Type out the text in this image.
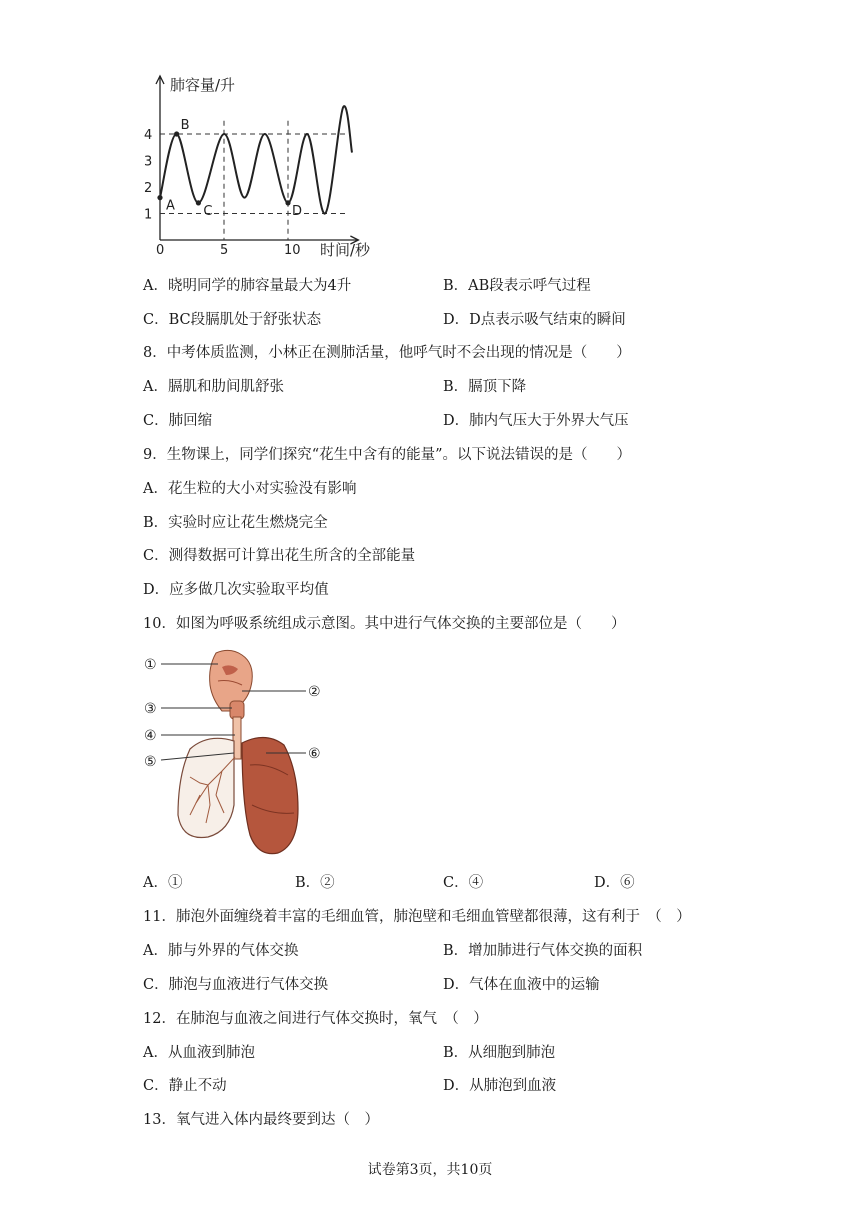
1
2
3
4
0	5	10
肺容量/升
时间/秒
A
B
C	D
A．晓明同学的肺容量最大为4升	B．AB段表示呼气过程
C．BC段膈肌处于舒张状态	D．D点表示吸气结束的瞬间
8．中考体质监测，小林正在测肺活量，他呼气时不会出现的情况是（　　）
A．膈肌和肋间肌舒张	B．膈顶下降
C．肺回缩	D．肺内气压大于外界大气压
9．生物课上，同学们探究“花生中含有的能量”。以下说法错误的是（　　）
A．花生粒的大小对实验没有影响
B．实验时应让花生燃烧完全
C．测得数据可计算出花生所含的全部能量
D．应多做几次实验取平均值
10．如图为呼吸系统组成示意图。其中进行气体交换的主要部位是（　　）
①
②
③
④
⑤	⑥
A．①	B．②	C．④	D．⑥
11．肺泡外面缠绕着丰富的毛细血管，肺泡壁和毛细血管壁都很薄，这有利于　（　）
A．肺与外界的气体交换	B．增加肺进行气体交换的面积
C．肺泡与血液进行气体交换	D．气体在血液中的运输
12．在肺泡与血液之间进行气体交换时，氧气　（　）
A．从血液到肺泡	B．从细胞到肺泡
C．静止不动	D．从肺泡到血液
13．氧气进入体内最终要到达（　）
试卷第3页，共10页
